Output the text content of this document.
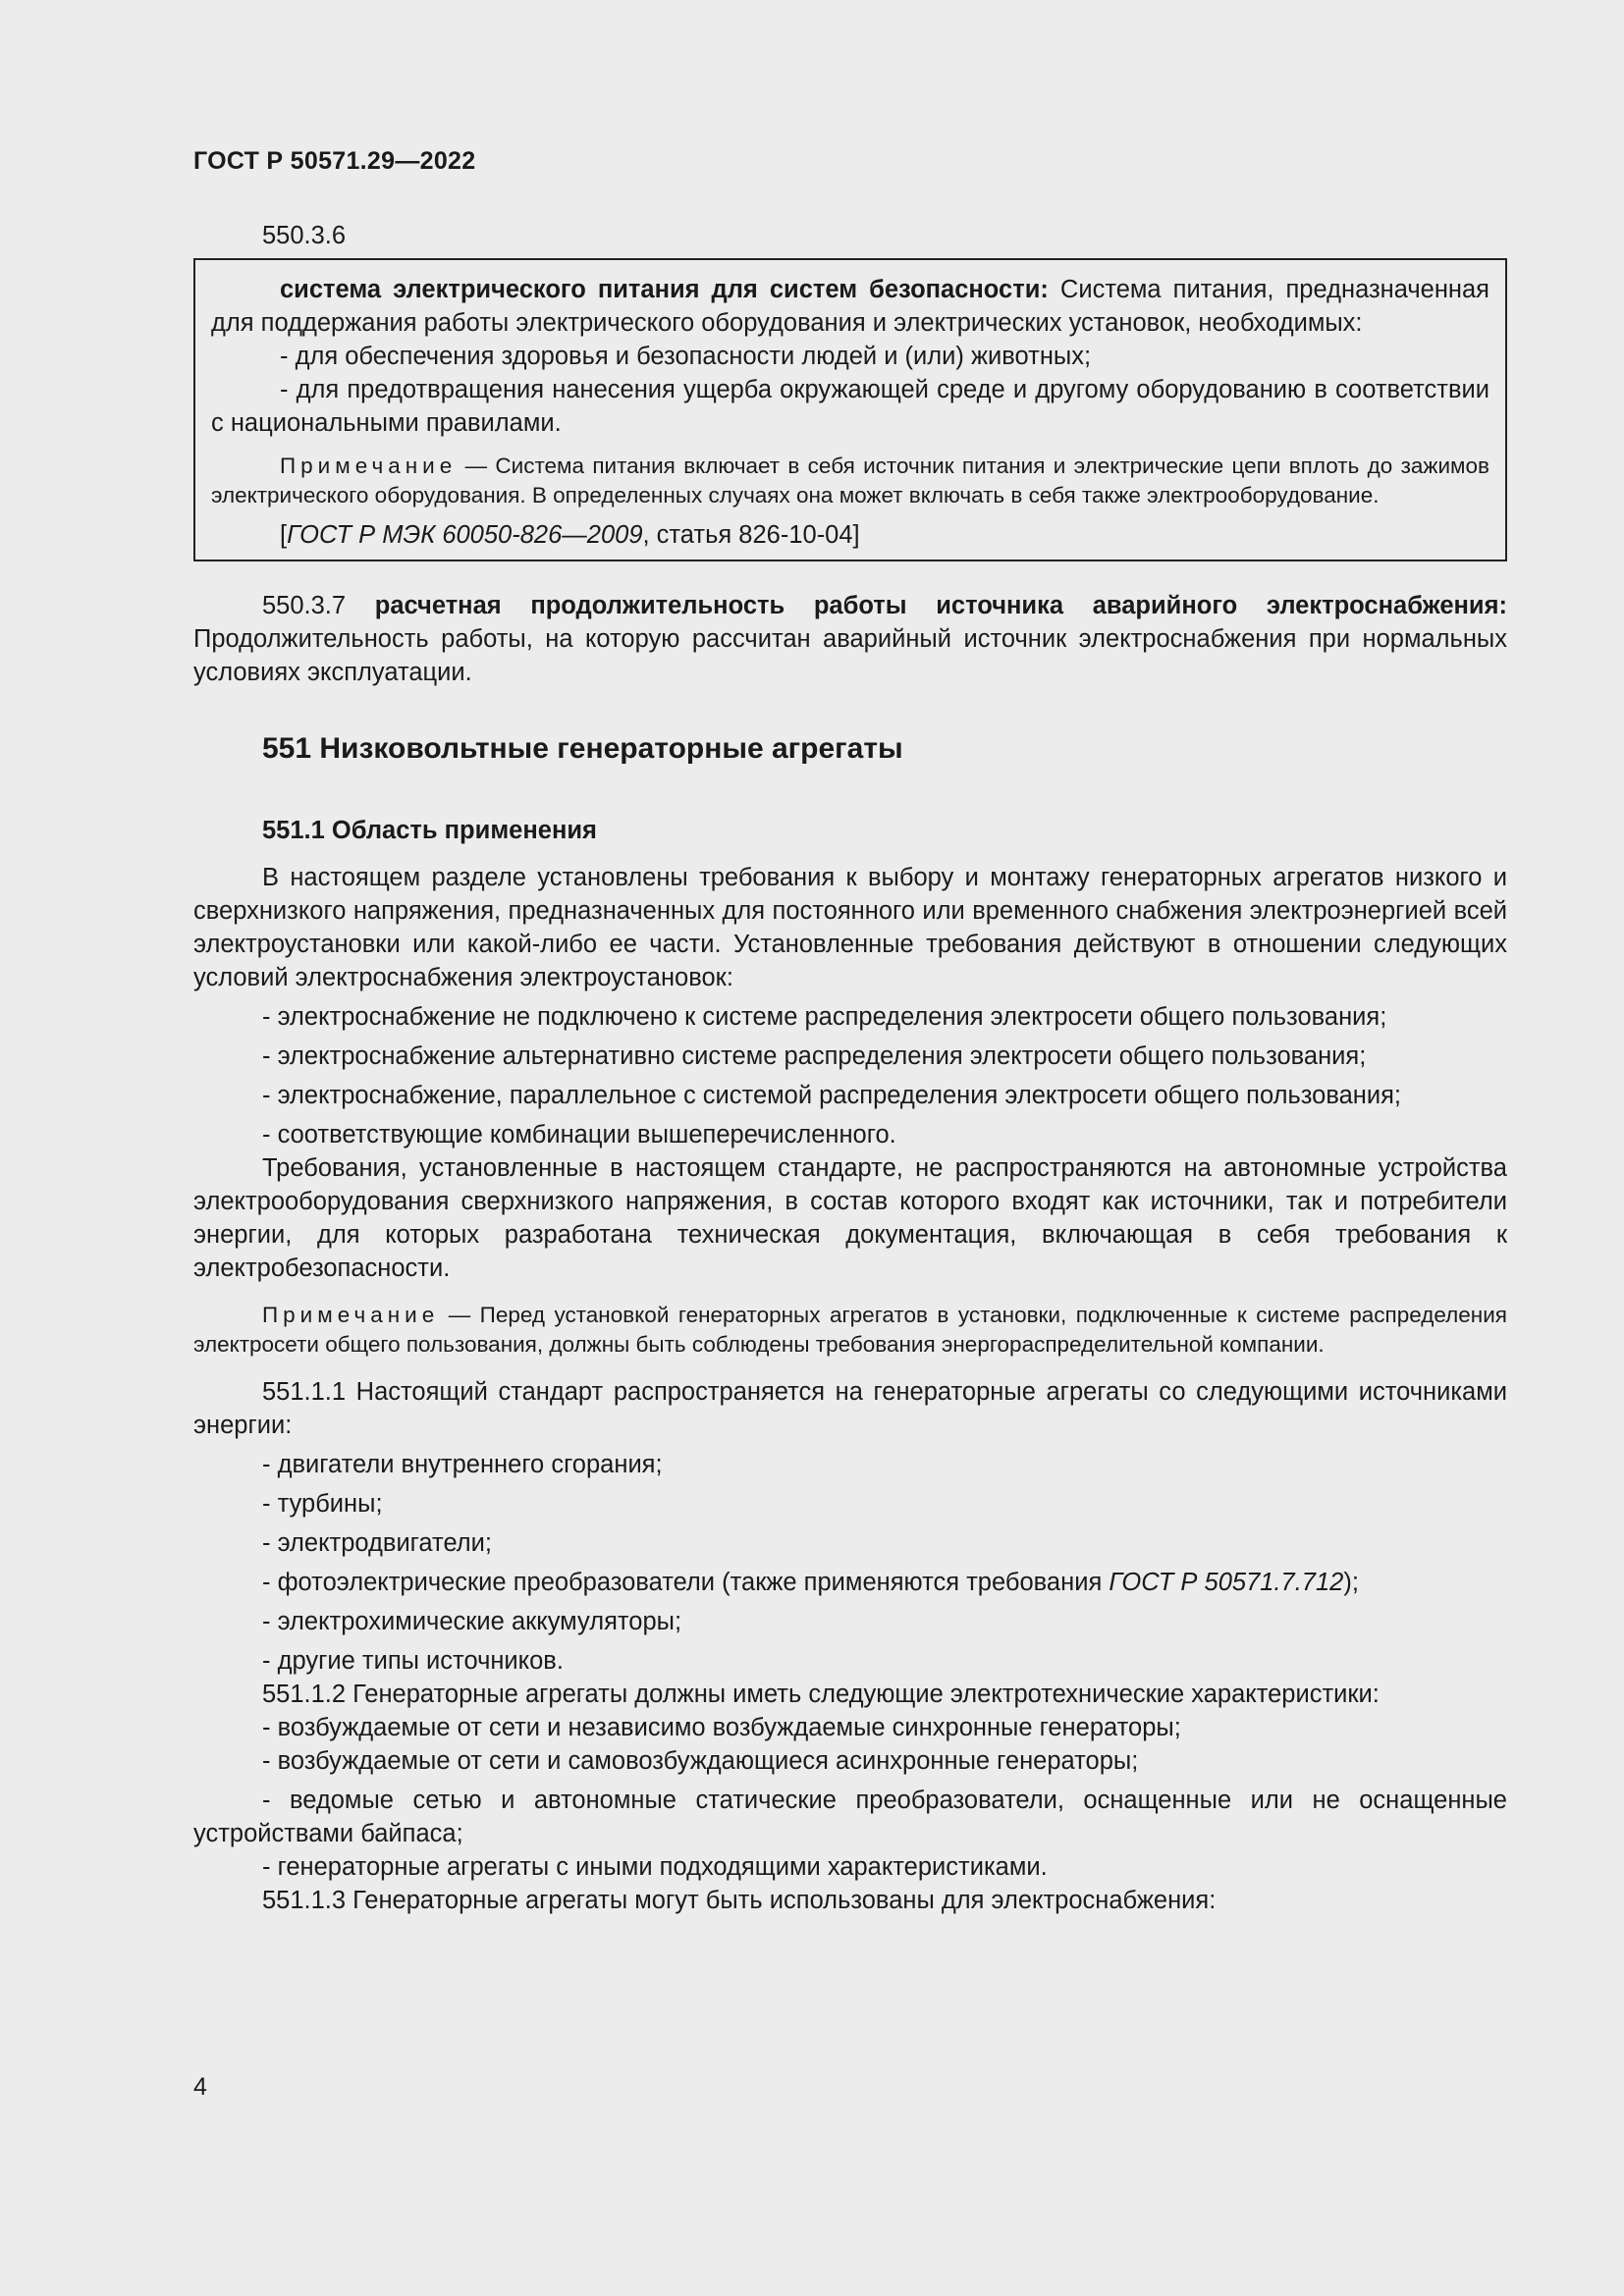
ГОСТ Р 50571.29—2022

550.3.6

система электрического питания для систем безопасности: Система питания, предназначенная для поддержания работы электрического оборудования и электрических установок, необходимых:

- для обеспечения здоровья и безопасности людей и (или) животных;

- для предотвращения нанесения ущерба окружающей среде и другому оборудованию в соответствии с национальными правилами.

Примечание — Система питания включает в себя источник питания и электрические цепи вплоть до зажимов электрического оборудования. В определенных случаях она может включать в себя также электрооборудование.

[ГОСТ Р МЭК 60050-826—2009, статья 826-10-04]

550.3.7 расчетная продолжительность работы источника аварийного электроснабжения: Продолжительность работы, на которую рассчитан аварийный источник электроснабжения при нормальных условиях эксплуатации.

551 Низковольтные генераторные агрегаты
551.1 Область применения

В настоящем разделе установлены требования к выбору и монтажу генераторных агрегатов низкого и сверхнизкого напряжения, предназначенных для постоянного или временного снабжения электроэнергией всей электроустановки или какой-либо ее части. Установленные требования действуют в отношении следующих условий электроснабжения электроустановок:

- электроснабжение не подключено к системе распределения электросети общего пользования;

- электроснабжение альтернативно системе распределения электросети общего пользования;

- электроснабжение, параллельное с системой распределения электросети общего пользования;

- соответствующие комбинации вышеперечисленного.

Требования, установленные в настоящем стандарте, не распространяются на автономные устройства электрооборудования сверхнизкого напряжения, в состав которого входят как источники, так и потребители энергии, для которых разработана техническая документация, включающая в себя требования к электробезопасности.

Примечание — Перед установкой генераторных агрегатов в установки, подключенные к системе распределения электросети общего пользования, должны быть соблюдены требования энергораспределительной компании.

551.1.1 Настоящий стандарт распространяется на генераторные агрегаты со следующими источниками энергии:

- двигатели внутреннего сгорания;

- турбины;

- электродвигатели;

- фотоэлектрические преобразователи (также применяются требования ГОСТ Р 50571.7.712);

- электрохимические аккумуляторы;

- другие типы источников.

551.1.2 Генераторные агрегаты должны иметь следующие электротехнические характеристики:

- возбуждаемые от сети и независимо возбуждаемые синхронные генераторы;

- возбуждаемые от сети и самовозбуждающиеся асинхронные генераторы;

- ведомые сетью и автономные статические преобразователи, оснащенные или не оснащенные устройствами байпаса;

- генераторные агрегаты с иными подходящими характеристиками.

551.1.3 Генераторные агрегаты могут быть использованы для электроснабжения:

4
